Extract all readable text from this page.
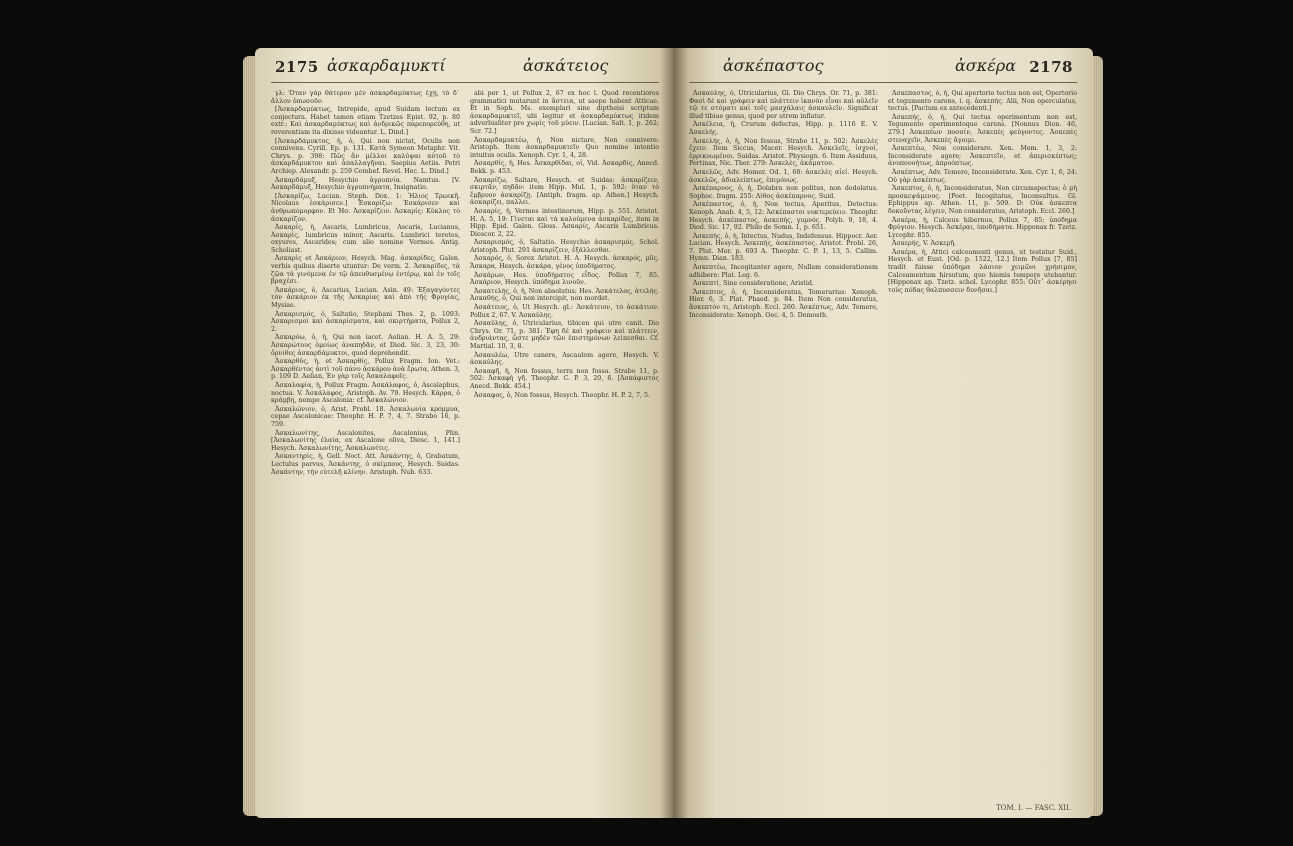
2175 ἀσκαρδαμυκτί	ἀσκάτειος

γλ: Ὅταν γὰρ θάτερον μὲν ἀσκαρδαμύκτως ἔχῃ, τὸ δ᾽ ἄλλον ὁπωσοῦν.

[Ἀσκαρδαμύκτως, Intrepide, apud Suidam lectum ex conjectura. Habet tamen etiam Tzetzes Epist. 92, p. 80 extr.: Καὶ ἀσκαρδαμύκτως καὶ ἀνδρικῶς παρεπορεύθη, ut reverentiam ita dixisse videantur. L. Dind.]

[Ἀσκαρδάμυκτος, ἡ, ὁ, Qui non nictat, Oculis non connivens. Cyrill. Ep. p. 131. Κατὰ Symeon Metaphr. Vit. Chrys. p. 398: Πῶς ἂν μέλλοι καλύψαι αὐτοῦ τὸ ἀσκαρδάμυκτον καὶ ἀπαλλαγῆναι. Saepius Aetiis. Petri Archiep. Alexandr. p. 259 Combef. Revel. Hec. L. Dind.]

Ἀσκαρδάμυξ, Hesychio ἀγρυπνία. Namtus. [V. Ἀσκαρδάμυξ, Hesychio ἀγρυπνήματα, Insignatio.

[Ἀσκαρίζω, Lucian. Steph. Dox. 1: Ἡλιος Τρωικῆ. Nicolaus ἐσκάρισεν.] Ἐσκαρίζω: Ἐσκάρισεν καὶ ἀνθρωπόμορφον. Et Ἡσ. Ἀσκαρίζειν. Ἀσκαρίς: Κύκλος τὸ ἀσκαρίζον.

Ἀσκαρίς, ἡ, Ascaris, Lumbricus, Ascaris, Lucianus, Ἀσκαρὶς, lumbricus minor, Ascaris. Lumbrici teretes, oxyures, Ascarides; cum alio nomine Vermes. Antig. Scholiast.

Ἀσκαρὶς et Ἀσκάριον, Hesych. Mag. ἀσκαρίδες, Galen. verbis quibus diserte utuntur: De verm. 2. Ἀσκαρίδες, τὰ ζῷα τὰ γινόμενα ἐν τῷ ἀπευθυσμένῳ ἐντέρῳ, καὶ ἐν τοῖς βραχέσι.

Ἀσκάριος, ὁ, Ascarius, Lucian. Asin. 49: Ἐξαγαγόντες τὸν ἀσκάριον ἐκ τῆς Ἀσκαρίας καὶ ἀπὸ τῆς Φρυγίας, Mysiae.

Ἀσκαρισμός, ὁ, Saltatio, Stephani Thes. 2, p. 1093: Ἀσκαρισμοὶ καὶ ἀσκαρίσματα, καὶ σκιρτήματα, Pollux 2, 2.

Ἀσκαρόω, ὁ, ἡ, Qui non iacet. Aelian. H. A. 5, 29: Ἀσκαρώτους ὁμοίως ἀναπηδᾶν, et Diod. Sic. 3, 23, 30: ὄρνιθες ἀσκαρδάμυκτοι, quod deprehendit.

Ἀσκαρθύς, ἡ, et Ἀσκαρθίς, Pollux Fragm. Ion. Vet.: Ἀσκαρθέντος ἀντὶ τοῦ πάνυ ἀσκάρου ἀνὰ ἔρωτα, Athen. 3, p. 109 D. Aelian, Ἐν γὰρ τοῖς Ἀσκαλαφοῖς.

Ἀσκαλαφία, ἡ, Pollux Fragm. Ἀσκάλαφος, ὁ, Ascalaphus, noctua. V. Ἀσκάλαφος, Aristoph. Av. 79. Hesych. Κάρρα, ὁ κράμβη, nempe Ascalonia: cf. Ἀσκαλώνιον.

Ἀσκαλώνιον, ὁ, Arist. Probl. 18. Ἀσκαλωνία κρόμμυα, cepae Ascalonicae: Theophr. H. P. 7, 4, 7. Strabo 16, p. 759.

Ἀσκαλωνίτης, Ascalonites, Ascalonius, Plin. [Ἀσκαλωνίτης ἐλαία, ex Ascalone oliva, Diosc. 1, 141.] Hesych. Ἀσκαλωνίτης, Ἀσκαλωνίτις.

Ἀσκαντηρίς, ἡ, Gell. Noct. Att. Ἀσκάντης, ὁ, Grabatum, Lectulus parvus, Ἀσκάντης, ὁ σκίμπους, Hesych. Suidas. Ἀσκάντην, τὴν εὐτελῆ κλίνην. Aristoph. Nub. 633.

abi por 1, ut Pollux 2, 67 ex hoc l. Quod recentiores grammatici mutarunt in ἄστεια, ut saepe habent Atticae. Et in Soph. Ms. exemplari sine diptheisi scriptum ἀσκαρδαμυκτεῖ, ubi legitur et ἀσκαρδαμύκτως itidem adverbialiter pro χωρίς τοῦ μύειν. [Lucian. Salt. 1, p. 262; Scr. 72.]

Ἀσκαρδαμυκτέω, ἡ, Non nictare, Non connivere: Aristoph. Item ἀσκαρδαμυκτεῖν Quo nomine intentio intuitus oculis. Xenoph. Cyr. 1, 4, 28.

Ἀσκαρθίς, ἡ, Hes. Ἀσκαρθίδαι, οἱ, Vid. Ἀσκαρδίς, Anecd. Bekk. p. 453.

Ἀσκαρίζω, Saltare, Hesych. et Suidas; ἀσκαρίζειν, σκιρτᾶν, πηδᾶν: item Hipp. Mul. 1, p. 592: ὅταν τὸ ἔμβρυον ἀσκαρίζῃ. [Antiph. fragm. ap. Athen.] Hesych. ἀσκαρίζει, παλλει.

Ἀσκαρίς, ἡ, Vermes intestinorum, Hipp. p. 551. Aristot. H. A. 5, 19: Γίνεται καὶ τὰ καλούμενα ἀσκαρίδες, item in Hipp. Epid. Galen. Gloss. Ἀσκαρίς, Ascaris Lumbricus. Dioscor. 2, 22.

Ἀσκαρισμός, ὁ, Saltatio. Hesychio ἀσκαρισμός. Schol. Aristoph. Plut. 291 ἀσκαρίζειν, ἐξάλλεσθαι.

Ἀσκαρός, ὁ, Sorex Aristot. H. A. Hesych. ἀσκαρός, μῦς. Ἄσκαρα, Hesych. ἀσκάρα, γένος ὑποδήματος.

Ἀσκάρων, Hes. ὑποδήματος εἶδος. Pollux 7, 85. Ἀσκάριον, Hesych. ὑπόδημα λινοῦν.

Ἀσκατελής, ὁ, ἡ, Non absolutus; Hes. Ἀσκάτελος, ἀτελής. Ἀσκαθής, ὁ, Qui non intercipit, non mordet.

Ἀσκάτειος, ὁ, Ut Hesych. gl.: Ἀσκάτειον, τὸ ἀσκάτιον. Pollux 2, 67. V. Ἀσκαύλης.

Ἀσκαύλης, ὁ, Utricularius, tibicen qui utre canit. Dio Chrys. Or. 71, p. 381: Ἐφη δὲ καὶ γράφειν καὶ πλάττειν, ἀνδριάντας, ὥστε μηδὲν τῶν ἐπιστημόνων λείπεσθαι. Cf. Martial. 10, 3, 8.

Ἀσκαυλέω, Utre canere, Ascaulem agere, Hesych. V. ἀσκαύλης.

Ἀσκαφῆ, ἡ, Non fossus, terra non fossa. Strabo 11, p. 502: Ἀσκαφὴ γῆ. Theophr. C. P. 3, 20, 6. [Ἀσκάφιστος Anecd. Bekk. 454.]

Ἀσκαφος, ὁ, Non fossus, Hesych. Theophr. H. P. 2, 7, 5.

ἀσκέπαστος	ἀσκέρα 2178

Ἀσκαύλης, ὁ, Utricularius, Gl. Dio Chrys. Or. 71, p. 381: Φασὶ δὲ καὶ γράφειν καὶ πλάττειν ἱκανὸν εἶναι καὶ αὐλεῖν τῷ τε στόματι καὶ τοῖς μασχάλαις ἀσκαυλεῖν. Significat illud tibiae genus, quod per utrem inflatur.

Ἀσκέλεια, ἡ, Crurum defectus, Hipp. p. 1116 E. V. Ἀσκελής.

Ἀσκελής, ὁ, ἡ, Non fessus, Strabo 11, p. 502: Ἀσκελὲς ἔχειν. Item Siccus, Macer. Hesych. Ἀσκελεῖς, ἰσχνοὶ, ἐρρικνωμένοι. Suidas. Aristot. Physiogn. 6. Item Assiduus, Pertinax, Nic. Ther. 279: Ἀσκελὲς, ἀκάματον.

Ἀσκελῶς, Adv. Homer. Od. 1, 68: ἀσκελὲς αἰεί. Hesych. ἀσκελῶς, ἀδιαλείπτως, ἐπιμόνως.

Ἀσκέπαρνος, ὁ, ἡ, Dolabra non politus, non dedolatus. Sophoc. fragm. 255: Λίθος ἀσκέπαρνος. Suid.

Ἀσκέπαστος, ὁ, ἡ, Non tectus, Aperitus, Detectus: Xenoph. Anab. 4, 5, 12: Ἀσκέπαστοι νυκτερεύειν. Theophr. Hesych. ἀσκέπαστος, ἀσκεπής, γυμνός. Polyb. 9, 18, 4. Diod. Sic. 17, 92. Philo de Somn. 1, p. 651.

Ἀσκεπής, ὁ, ἡ, Intectus, Nudus, Indefensus. Hippocr. Aer. Lucian. Hesych. Ἀσκεπής, ἀσκέπαστος. Aristot. Probl. 26, 7. Plut. Mor. p. 693 A. Theophr. C. P. 1, 13, 5. Callim. Hymn. Dian. 183.

Ἀσκεπτέω, Incogitanter agere, Nullam considerationem adhibere: Plat. Leg. 6.

Ἀσκεπτί, Sine consideratione, Aristid.

Ἄσκεπτος, ὁ, ἡ, Inconsideratus, Temerarius: Xenoph. Hier. 6, 3. Plat. Phaed. p. 84. Item Non consideratus, ἄσκεπτόν τι, Aristoph. Eccl. 260. Ἀσκέπτως, Adv. Temere, Inconsiderate: Xenoph. Oec. 4, 5. Demosth.

Ἀσκέπαστος, ὁ, ἡ, Qui apertorio tectus non est, Opertorio et tegumento carens, i. q. ἀσκεπής. Alii, Non operculatus, tectus. [Pactum ex antecedenti.]

Ἀσκεπής, ὁ, ἡ, Qui tectus operimentum non est, Tegumento operimentoque carens. [Nonnus Dion. 46, 279.] Ἀσκεπέων ποσσίν, Ἀσκεπὲς φεύγοντες. Ἀσκεπὲς στεναχεῖν, Ἀσκεπὲς ἄγοιμι.

Ἀσκεπτέω, Non considerare. Xen. Mem. 1, 3, 2: Inconsiderate agere; Ἀσκεπτεῖν, et ἀπερισκέπτως; ἀνυπονοήτως, ἀπροόπτως.

Ἀσκέπτως, Adv. Temere, Inconsiderate. Xen. Cyr. 1, 6, 24: Οὐ γὰρ ἀσκέπτως.

Ἄσκεπτος, ὁ, ἡ, Inconsideratus, Non circumspectus; ὁ μὴ προσκεψάμενος. [Poet. Incogitatus, Inconsultus. Gl. Ephippus ap. Athen. 11, p. 509. D: Οὐκ ἀσκεπτα δοκοῦντας λέγειν, Non consideratus, Aristoph. Eccl. 260.]

Ἀσκέρα, ἡ, Calceus hibernus, Pollux 7, 85: ὑπόδημα Φρύγιον. Hesych. Ἀσκέραι, ὑποδήματα. Hipponax fr. Tzetz. Lycophr. 855.

Ἀσκερής, V. Ἀσκερῆ.

Ἀσκέρα, ἡ, Attici calceamenti genus, ut testatur Suid., Hesych. et Eust. [Od. p. 1522, 12.] Item Pollux [7, 85] tradit fuisse ὑπόδημα λάσιον χειμῶνι χρήσιμον, Calceamentum hirsutum, quo hiemis tempore utebantur. [Hipponax ap. Tzetz. schol. Lycophr. 855: Οὗτ᾽ ἀσκέρησι τοὺς πόδας θαλπυσσειν δυνῆσαι.]

TOM. I. — FASC. XII.
